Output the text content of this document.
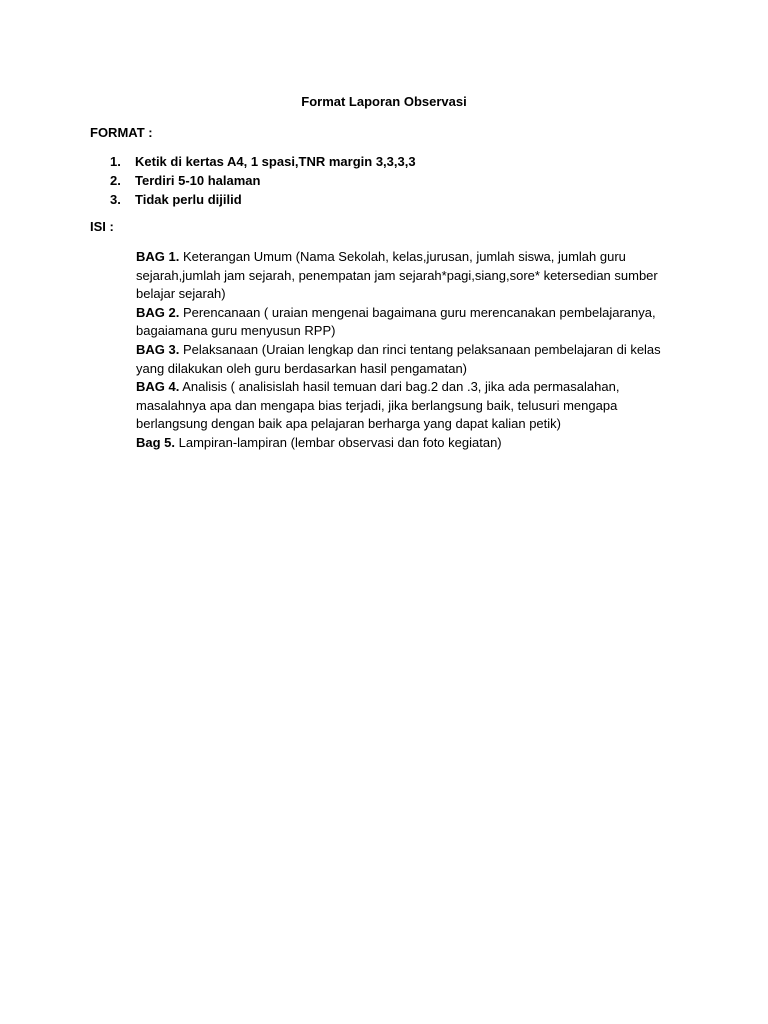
Format Laporan Observasi
FORMAT :
1.	Ketik di kertas A4, 1 spasi,TNR margin 3,3,3,3
2.	Terdiri 5-10 halaman
3.	Tidak perlu dijilid
ISI :

BAG 1. Keterangan Umum (Nama Sekolah, kelas,jurusan, jumlah siswa, jumlah guru sejarah,jumlah jam sejarah, penempatan jam sejarah*pagi,siang,sore* ketersedian sumber belajar sejarah)

BAG 2. Perencanaan ( uraian mengenai bagaimana guru merencanakan pembelajaranya, bagaiamana guru menyusun RPP)

BAG 3. Pelaksanaan (Uraian lengkap dan rinci tentang pelaksanaan pembelajaran di kelas yang dilakukan oleh guru berdasarkan hasil pengamatan)

BAG 4. Analisis ( analisislah hasil temuan dari bag.2 dan .3, jika ada permasalahan, masalahnya apa dan mengapa bias terjadi, jika berlangsung baik, telusuri mengapa berlangsung dengan baik apa pelajaran berharga yang dapat kalian petik)

Bag 5. Lampiran-lampiran (lembar observasi dan foto kegiatan)
